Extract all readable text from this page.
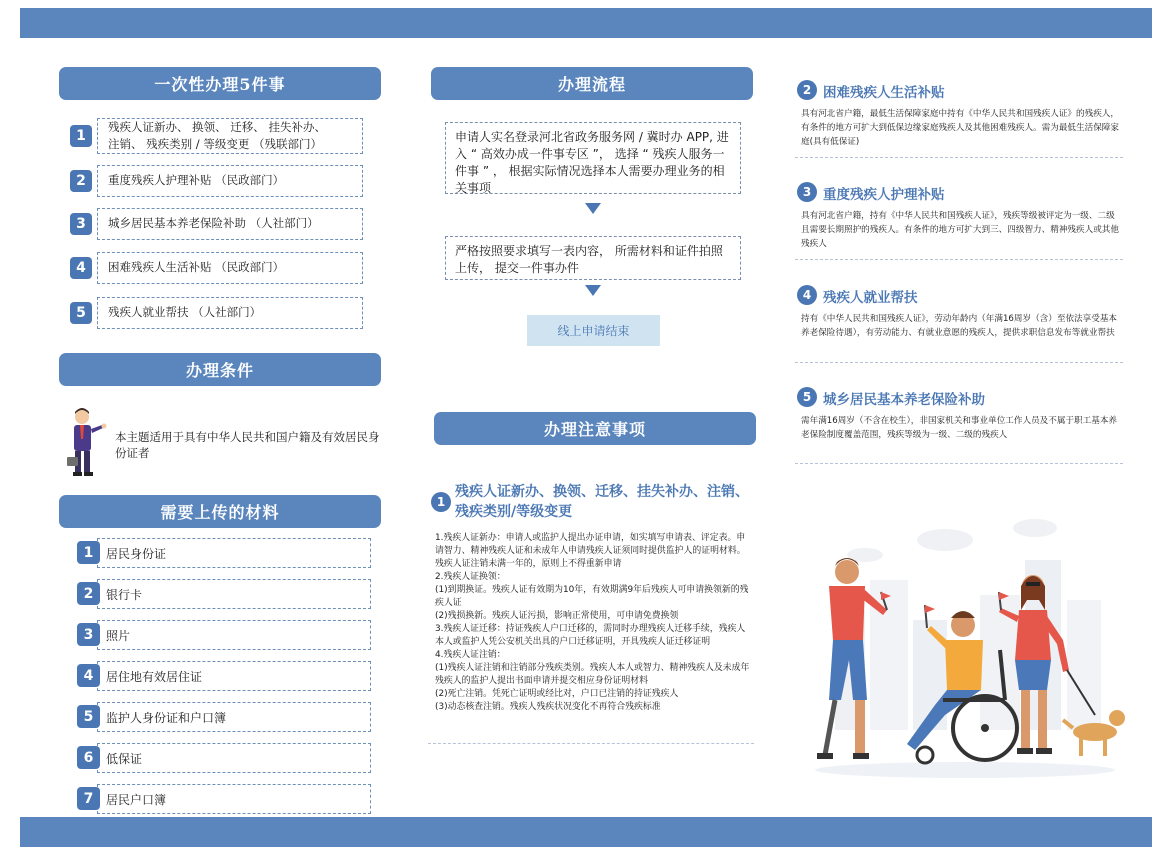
一次性办理5件事
1
残疾人证新办、 换领、 迁移、 挂失补办、
注销、 残疾类别 / 等级变更 （残联部门）
2	重度残疾人护理补贴 （民政部门）
3	城乡居民基本养老保险补助 （人社部门）
4	困难残疾人生活补贴 （民政部门）
5	残疾人就业帮扶 （人社部门）
办理条件
本主题适用于具有中华人民共和国户籍及有效居民身份证者
需要上传的材料
1	居民身份证
2	银行卡
3	照片
4	居住地有效居住证
5	监护人身份证和户口簿
6	低保证
7	居民户口簿
办理流程
申请人实名登录河北省政务服务网 / 冀时办 APP, 进入 “ 高效办成一件事专区 ”， 选择 “ 残疾人服务一件事 ” ， 根据实际情况选择本人需要办理业务的相关事项
严格按照要求填写一表内容， 所需材料和证件拍照上传， 提交一件事办件
线上申请结束
办理注意事项
1
残疾人证新办、换领、迁移、挂失补办、注销、残疾类别/等级变更
1.残疾人证新办：申请人或监护人提出办证申请，如实填写申请表、评定表。申请智力、精神残疾人证和未成年人申请残疾人证须同时提供监护人的证明材料。残疾人证注销未满一年的，原则上不得重新申请
2.残疾人证换领：
(1)到期换证。残疾人证有效期为10年，有效期满9年后残疾人可申请换领新的残疾人证
(2)残损换新。残疾人证污损，影响正常使用，可申请免费换领
3.残疾人证迁移：持证残疾人户口迁移的，需同时办理残疾人迁移手续，残疾人本人或监护人凭公安机关出具的户口迁移证明，开具残疾人证迁移证明
4.残疾人证注销：
(1)残疾人证注销和注销部分残疾类别。残疾人本人或智力、精神残疾人及未成年残疾人的监护人提出书面申请并提交相应身份证明材料
(2)死亡注销。凭死亡证明或经比对，户口已注销的持证残疾人
(3)动态核查注销。残疾人残疾状况变化不再符合残疾标准
2 困难残疾人生活补贴
具有河北省户籍，最低生活保障家庭中持有《中华人民共和国残疾人证》的残疾人，有条件的地方可扩大到低保边缘家庭残疾人及其他困难残疾人。需为最低生活保障家庭(具有低保证)
3 重度残疾人护理补贴
具有河北省户籍，持有《中华人民共和国残疾人证》，残疾等级被评定为一级、二级且需要长期照护的残疾人。有条件的地方可扩大到三、四级智力、精神残疾人或其他残疾人
4 残疾人就业帮扶
持有《中华人民共和国残疾人证》，劳动年龄内（年满16周岁（含）至依法享受基本养老保险待遇），有劳动能力、有就业意愿的残疾人，提供求职信息发布等就业帮扶
5 城乡居民基本养老保险补助
需年满16周岁（不含在校生），非国家机关和事业单位工作人员及不属于职工基本养老保险制度覆盖范围，残疾等级为一级、二级的残疾人
